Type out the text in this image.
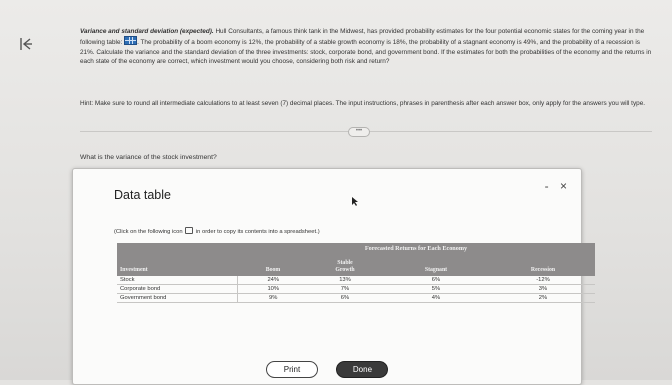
Variance and standard deviation (expected). Hull Consultants, a famous think tank in the Midwest, has provided probability estimates for the four potential economic states for the coming year in the following table: . The probability of a boom economy is 12%, the probability of a stable growth economy is 18%, the probability of a stagnant economy is 49%, and the probability of a recession is 21%. Calculate the variance and the standard deviation of the three investments: stock, corporate bond, and government bond. If the estimates for both the probabilities of the economy and the returns in each state of the economy are correct, which investment would you choose, considering both risk and return?
Hint: Make sure to round all intermediate calculations to at least seven (7) decimal places. The input instructions, phrases in parenthesis after each answer box, only apply for the answers you will type.
•••
What is the variance of the stock investment?
Data table
- ×
(Click on the following icon in order to copy its contents into a spreadsheet.)
	Forecasted Returns for Each Economy			
Investment	Boom	Stable Growth	Stagnant	Recession
Stock	24%	13%	6%	-12%
Corporate bond	10%	7%	5%	3%
Government bond	9%	6%	4%	2%
Print	Done
